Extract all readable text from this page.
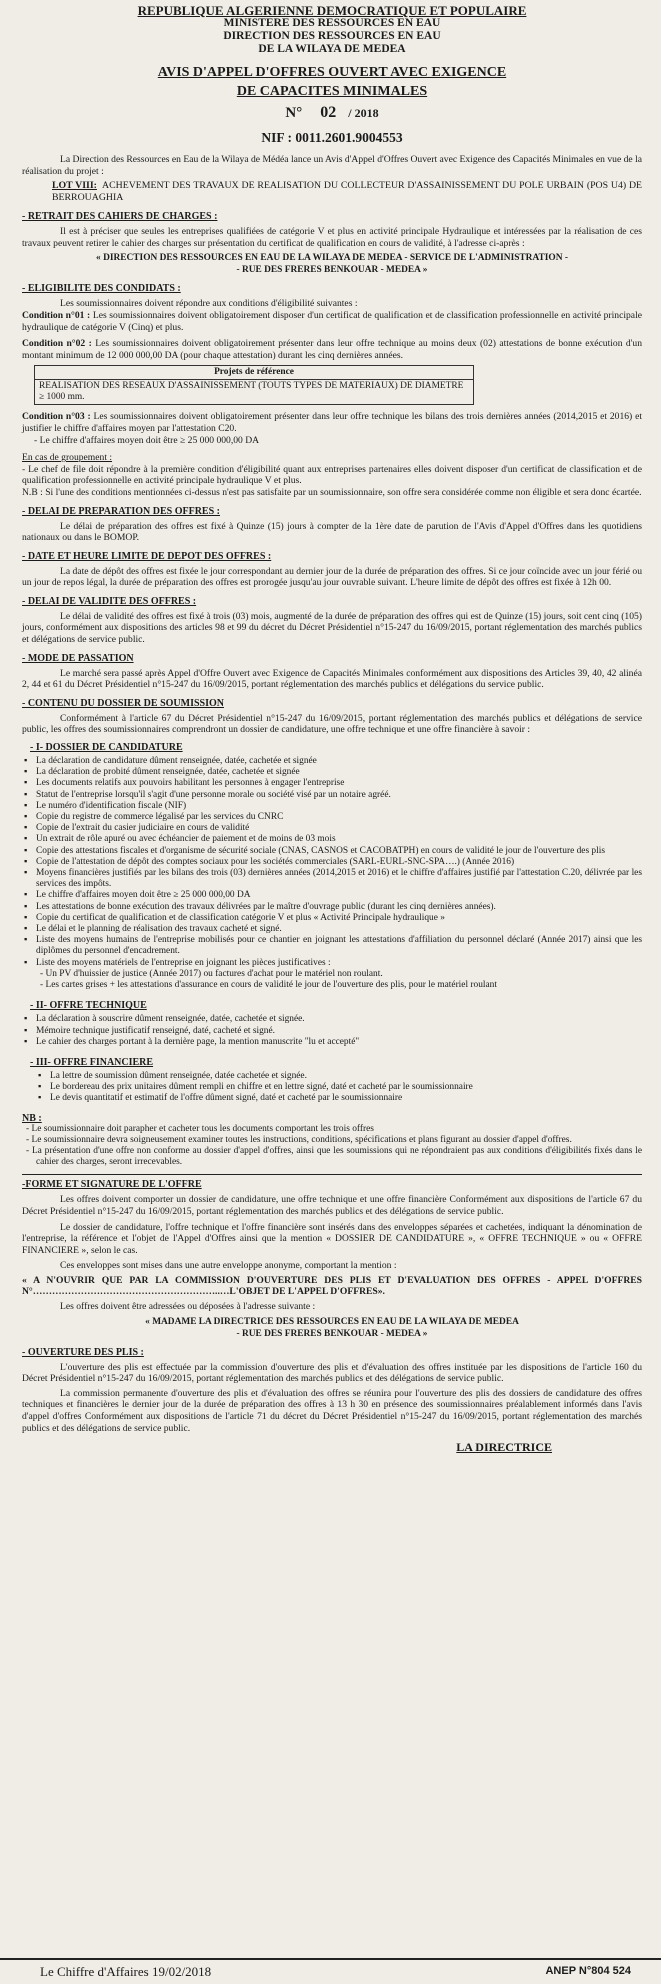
REPUBLIQUE ALGERIENNE DEMOCRATIQUE ET POPULAIRE
MINISTERE DES RESSOURCES EN EAU
DIRECTION DES RESSOURCES EN EAU
DE LA WILAYA DE MEDEA
AVIS D'APPEL D'OFFRES OUVERT AVEC EXIGENCE
DE CAPACITES MINIMALES
N° 02 / 2018
NIF : 0011.2601.9004553

La Direction des Ressources en Eau de la Wilaya de Médéa lance un Avis d'Appel d'Offres Ouvert avec Exigence des Capacités Minimales en vue de la réalisation du projet :

LOT VIII: ACHEVEMENT DES TRAVAUX DE REALISATION DU COLLECTEUR D'ASSAINISSEMENT DU POLE URBAIN (POS U4) DE BERROUAGHIA

- RETRAIT DES CAHIERS DE CHARGES :

Il est à préciser que seules les entreprises qualifiées de catégorie V et plus en activité principale Hydraulique et intéressées par la réalisation de ces travaux peuvent retirer le cahier des charges sur présentation du certificat de qualification en cours de validité, à l'adresse ci-après :

« DIRECTION DES RESSOURCES EN EAU DE LA WILAYA DE MEDEA - SERVICE DE L'ADMINISTRATION -
- RUE DES FRERES BENKOUAR - MEDEA »
- ELIGIBILITE DES CONDIDATS :

Les soumissionnaires doivent répondre aux conditions d'éligibilité suivantes :

Condition n°01 : Les soumissionnaires doivent obligatoirement disposer d'un certificat de qualification et de classification professionnelle en activité principale hydraulique de catégorie V (Cinq) et plus.

Condition n°02 : Les soumissionnaires doivent obligatoirement présenter dans leur offre technique au moins deux (02) attestations de bonne exécution d'un montant minimum de 12 000 000,00 DA (pour chaque attestation) durant les cinq dernières années.

Projets de référence
REALISATION DES RESEAUX D'ASSAINISSEMENT (TOUTS TYPES DE MATERIAUX) DE DIAMETRE ≥ 1000 mm.

Condition n°03 : Les soumissionnaires doivent obligatoirement présenter dans leur offre technique les bilans des trois dernières années (2014,2015 et 2016) et justifier le chiffre d'affaires moyen par l'attestation C20.

- Le chiffre d'affaires moyen doit être ≥ 25 000 000,00 DA

En cas de groupement :

- Le chef de file doit répondre à la première condition d'éligibilité quant aux entreprises partenaires elles doivent disposer d'un certificat de classification et de qualification professionnelle en activité principale hydraulique V et plus.

N.B : Si l'une des conditions mentionnées ci-dessus n'est pas satisfaite par un soumissionnaire, son offre sera considérée comme non éligible et sera donc écartée.

- DELAI DE PREPARATION DES OFFRES :

Le délai de préparation des offres est fixé à Quinze (15) jours à compter de la 1ère date de parution de l'Avis d'Appel d'Offres dans les quotidiens nationaux ou dans le BOMOP.

- DATE ET HEURE LIMITE DE DEPOT DES OFFRES :

La date de dépôt des offres est fixée le jour correspondant au dernier jour de la durée de préparation des offres. Si ce jour coïncide avec un jour férié ou un jour de repos légal, la durée de préparation des offres est prorogée jusqu'au jour ouvrable suivant. L'heure limite de dépôt des offres est fixée à 12h 00.

- DELAI DE VALIDITE DES OFFRES :

Le délai de validité des offres est fixé à trois (03) mois, augmenté de la durée de préparation des offres qui est de Quinze (15) jours, soit cent cinq (105) jours, conformément aux dispositions des articles 98 et 99 du décret du Décret Présidentiel n°15-247 du 16/09/2015, portant réglementation des marchés publics et délégations de service public.

- MODE DE PASSATION

Le marché sera passé après Appel d'Offre Ouvert avec Exigence de Capacités Minimales conformément aux dispositions des Articles 39, 40, 42 alinéa 2, 44 et 61 du Décret Présidentiel n°15-247 du 16/09/2015, portant réglementation des marchés publics et délégations du service public.

- CONTENU DU DOSSIER DE SOUMISSION

Conformément à l'article 67 du Décret Présidentiel n°15-247 du 16/09/2015, portant réglementation des marchés publics et délégations de service public, les offres des soumissionnaires comprendront un dossier de candidature, une offre technique et une offre financière à savoir :

- I- DOSSIER DE CANDIDATURE
▪ La déclaration de candidature dûment renseignée, datée, cachetée et signée
▪ La déclaration de probité dûment renseignée, datée, cachetée et signée
▪ Les documents relatifs aux pouvoirs habilitant les personnes à engager l'entreprise
▪ Statut de l'entreprise lorsqu'il s'agit d'une personne morale ou société visé par un notaire agréé.
▪ Le numéro d'identification fiscale (NIF)
▪ Copie du registre de commerce légalisé par les services du CNRC
▪ Copie de l'extrait du casier judiciaire en cours de validité
▪ Un extrait de rôle apuré ou avec échéancier de paiement et de moins de 03 mois
▪ Copie des attestations fiscales et d'organisme de sécurité sociale (CNAS, CASNOS et CACOBATPH) en cours de validité le jour de l'ouverture des plis
▪ Copie de l'attestation de dépôt des comptes sociaux pour les sociétés commerciales (SARL-EURL-SNC-SPA….) (Année 2016)
▪ Moyens financières justifiés par les bilans des trois (03) dernières années (2014,2015 et 2016) et le chiffre d'affaires justifié par l'attestation C.20, délivrée par les services des impôts.
▪ Le chiffre d'affaires moyen doit être ≥ 25 000 000,00 DA
▪ Les attestations de bonne exécution des travaux délivrées par le maître d'ouvrage public (durant les cinq dernières années).
▪ Copie du certificat de qualification et de classification catégorie V et plus « Activité Principale hydraulique »
▪ Le délai et le planning de réalisation des travaux cacheté et signé.
▪ Liste des moyens humains de l'entreprise mobilisés pour ce chantier en joignant les attestations d'affiliation du personnel déclaré (Année 2017) ainsi que les diplômes du personnel d'encadrement.
▪ Liste des moyens matériels de l'entreprise en joignant les pièces justificatives :
- Un PV d'huissier de justice (Année 2017) ou factures d'achat pour le matériel non roulant.
- Les cartes grises + les attestations d'assurance en cours de validité le jour de l'ouverture des plis, pour le matériel roulant
- II- OFFRE TECHNIQUE
▪ La déclaration à souscrire dûment renseignée, datée, cachetée et signée.
▪ Mémoire technique justificatif renseigné, daté, cacheté et signé.
▪ Le cahier des charges portant à la dernière page, la mention manuscrite "lu et accepté"
- III- OFFRE FINANCIERE
▪ La lettre de soumission dûment renseignée, datée cachetée et signée.
▪ Le bordereau des prix unitaires dûment rempli en chiffre et en lettre signé, daté et cacheté par le soumissionnaire
▪ Le devis quantitatif et estimatif de l'offre dûment signé, daté et cacheté par le soumissionnaire
NB :
- Le soumissionnaire doit parapher et cacheter tous les documents comportant les trois offres
- Le soumissionnaire devra soigneusement examiner toutes les instructions, conditions, spécifications et plans figurant au dossier d'appel d'offres.
- La présentation d'une offre non conforme au dossier d'appel d'offres, ainsi que les soumissions qui ne répondraient pas aux conditions d'éligibilités fixés dans le cahier des charges, seront irrecevables.
-FORME ET SIGNATURE DE L'OFFRE

Les offres doivent comporter un dossier de candidature, une offre technique et une offre financière Conformément aux dispositions de l'article 67 du Décret Présidentiel n°15-247 du 16/09/2015, portant réglementation des marchés publics et des délégations de service public.

Le dossier de candidature, l'offre technique et l'offre financière sont insérés dans des enveloppes séparées et cachetées, indiquant la dénomination de l'entreprise, la référence et l'objet de l'Appel d'Offres ainsi que la mention « DOSSIER DE CANDIDATURE », « OFFRE TECHNIQUE » ou « OFFRE FINANCIERE », selon le cas.

Ces enveloppes sont mises dans une autre enveloppe anonyme, comportant la mention :

« A N'OUVRIR QUE PAR LA COMMISSION D'OUVERTURE DES PLIS ET D'EVALUATION DES OFFRES - APPEL D'OFFRES N°…………………………………………………..…L'OBJET DE L'APPEL D'OFFRES».

Les offres doivent être adressées ou déposées à l'adresse suivante :

« MADAME LA DIRECTRICE DES RESSOURCES EN EAU DE LA WILAYA DE MEDEA
- RUE DES FRERES BENKOUAR - MEDEA »
- OUVERTURE DES PLIS :

L'ouverture des plis est effectuée par la commission d'ouverture des plis et d'évaluation des offres instituée par les dispositions de l'article 160 du Décret Présidentiel n°15-247 du 16/09/2015, portant réglementation des marchés publics et des délégations de service public.

La commission permanente d'ouverture des plis et d'évaluation des offres se réunira pour l'ouverture des plis des dossiers de candidature des offres techniques et financières le dernier jour de la durée de préparation des offres à 13 h 30 en présence des soumissionnaires préalablement informés dans l'avis d'appel d'offres Conformément aux dispositions de l'article 71 du décret du Décret Présidentiel n°15-247 du 16/09/2015, portant réglementation des marchés publics et des délégations de service public.

LA DIRECTRICE
Le Chiffre d'Affaires 19/02/2018	ANEP N°804 524
